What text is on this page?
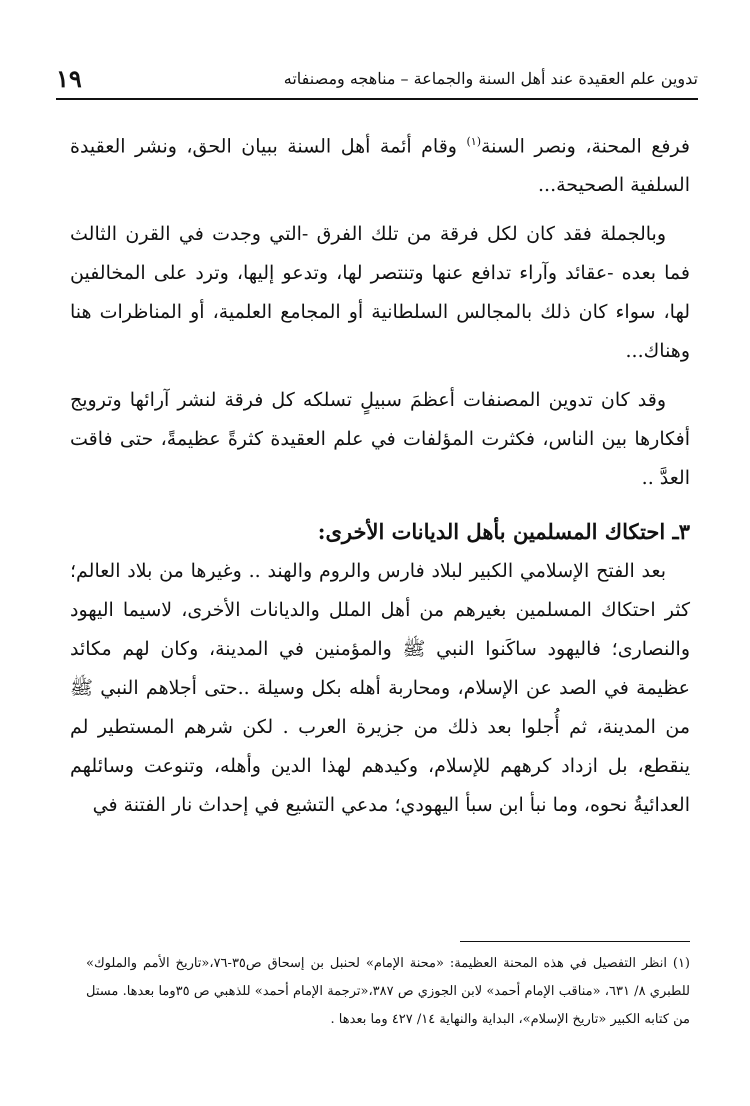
تدوين علم العقيدة عند أهل السنة والجماعة – مناهجه ومصنفاته
١٩

فرفع المحنة، ونصر السنة$^{(١)}$ وقام أئمة أهل السنة ببيان الحق، ونشر العقيدة السلفية الصحيحة...

وبالجملة فقد كان لكل فرقة من تلك الفرق -التي وجدت في القرن الثالث فما بعده -عقائد وآراء تدافع عنها وتنتصر لها، وتدعو إليها، وترد على المخالفين لها، سواء كان ذلك بالمجالس السلطانية أو المجامع العلمية، أو المناظرات هنا وهناك...

وقد كان تدوين المصنفات أعظمَ سبيلٍ تسلكه كل فرقة لنشر آرائها وترويج أفكارها بين الناس، فكثرت المؤلفات في علم العقيدة كثرةً عظيمةً، حتى فاقت العدَّ ..

٣ـ احتكاك المسلمين بأهل الديانات الأخرى:

بعد الفتح الإسلامي الكبير لبلاد فارس والروم والهند .. وغيرها من بلاد العالم؛ كثر احتكاك المسلمين بغيرهم من أهل الملل والديانات الأخرى، لاسيما اليهود والنصارى؛ فاليهود ساكَنوا النبي ﷺ والمؤمنين في المدينة، وكان لهم مكائد عظيمة في الصد عن الإسلام، ومحاربة أهله بكل وسيلة ..حتى أجلاهم النبي ﷺ من المدينة، ثم أُجلوا بعد ذلك من جزيرة العرب . لكن شرهم المستطير لم ينقطع، بل ازداد كرههم للإسلام، وكيدهم لهذا الدين وأهله، وتنوعت وسائلهم العدائيةُ نحوه، وما نبأ ابن سبأ اليهودي؛ مدعي التشيع في إحداث نار الفتنة في

(١) انظر التفصيل في هذه المحنة العظيمة: «محنة الإمام» لحنبل بن إسحاق ص٣٥-٧٦،«تاريخ الأمم والملوك» للطبري ٨/ ٦٣١، «مناقب الإمام أحمد» لابن الجوزي ص ٣٨٧،«ترجمة الإمام أحمد» للذهبي ص ٣٥وما بعدها. مستل من كتابه الكبير «تاريخ الإسلام»، البداية والنهاية ١٤/ ٤٢٧ وما بعدها .
